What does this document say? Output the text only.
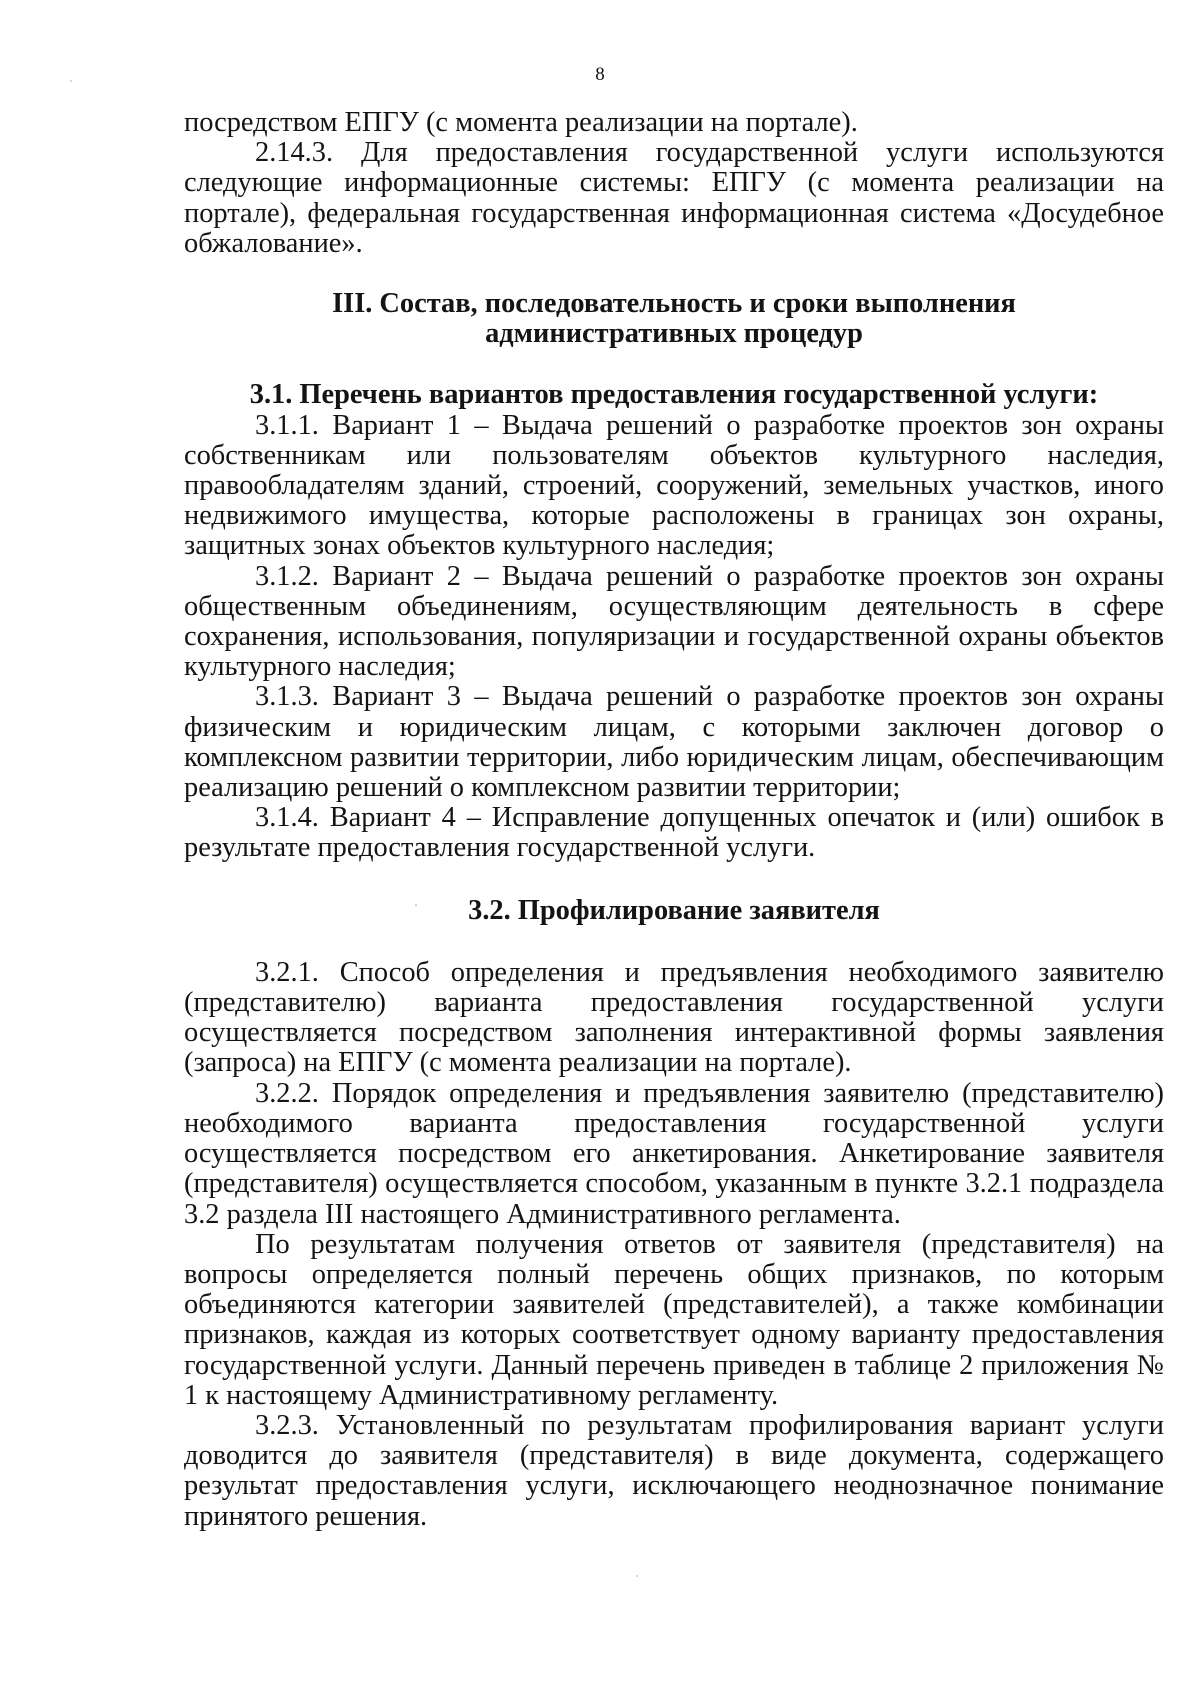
8

посредством ЕПГУ (с момента реализации на портале).

2.14.3. Для предоставления государственной услуги используются следующие информационные системы: ЕПГУ (с момента реализации на портале), федеральная государственная информационная система «Досудебное обжалование».

III. Состав, последовательность и сроки выполнения
административных процедур
3.1. Перечень вариантов предоставления государственной услуги:

3.1.1. Вариант 1 – Выдача решений о разработке проектов зон охраны собственникам или пользователям объектов культурного наследия, правообладателям зданий, строений, сооружений, земельных участков, иного недвижимого имущества, которые расположены в границах зон охраны, защитных зонах объектов культурного наследия;

3.1.2. Вариант 2 – Выдача решений о разработке проектов зон охраны общественным объединениям, осуществляющим деятельность в сфере сохранения, использования, популяризации и государственной охраны объектов культурного наследия;

3.1.3. Вариант 3 – Выдача решений о разработке проектов зон охраны физическим и юридическим лицам, с которыми заключен договор о комплексном развитии территории, либо юридическим лицам, обеспечивающим реализацию решений о комплексном развитии территории;

3.1.4. Вариант 4 – Исправление допущенных опечаток и (или) ошибок в результате предоставления государственной услуги.

3.2. Профилирование заявителя

3.2.1. Способ определения и предъявления необходимого заявителю (представителю) варианта предоставления государственной услуги осуществляется посредством заполнения интерактивной формы заявления (запроса) на ЕПГУ (с момента реализации на портале).

3.2.2. Порядок определения и предъявления заявителю (представителю) необходимого варианта предоставления государственной услуги осуществляется посредством его анкетирования. Анкетирование заявителя (представителя) осуществляется способом, указанным в пункте 3.2.1 подраздела 3.2 раздела III настоящего Административного регламента.

По результатам получения ответов от заявителя (представителя) на вопросы определяется полный перечень общих признаков, по которым объединяются категории заявителей (представителей), а также комбинации признаков, каждая из которых соответствует одному варианту предоставления государственной услуги. Данный перечень приведен в таблице 2 приложения № 1 к настоящему Административному регламенту.

3.2.3. Установленный по результатам профилирования вариант услуги доводится до заявителя (представителя) в виде документа, содержащего результат предоставления услуги, исключающего неоднозначное понимание принятого решения.
